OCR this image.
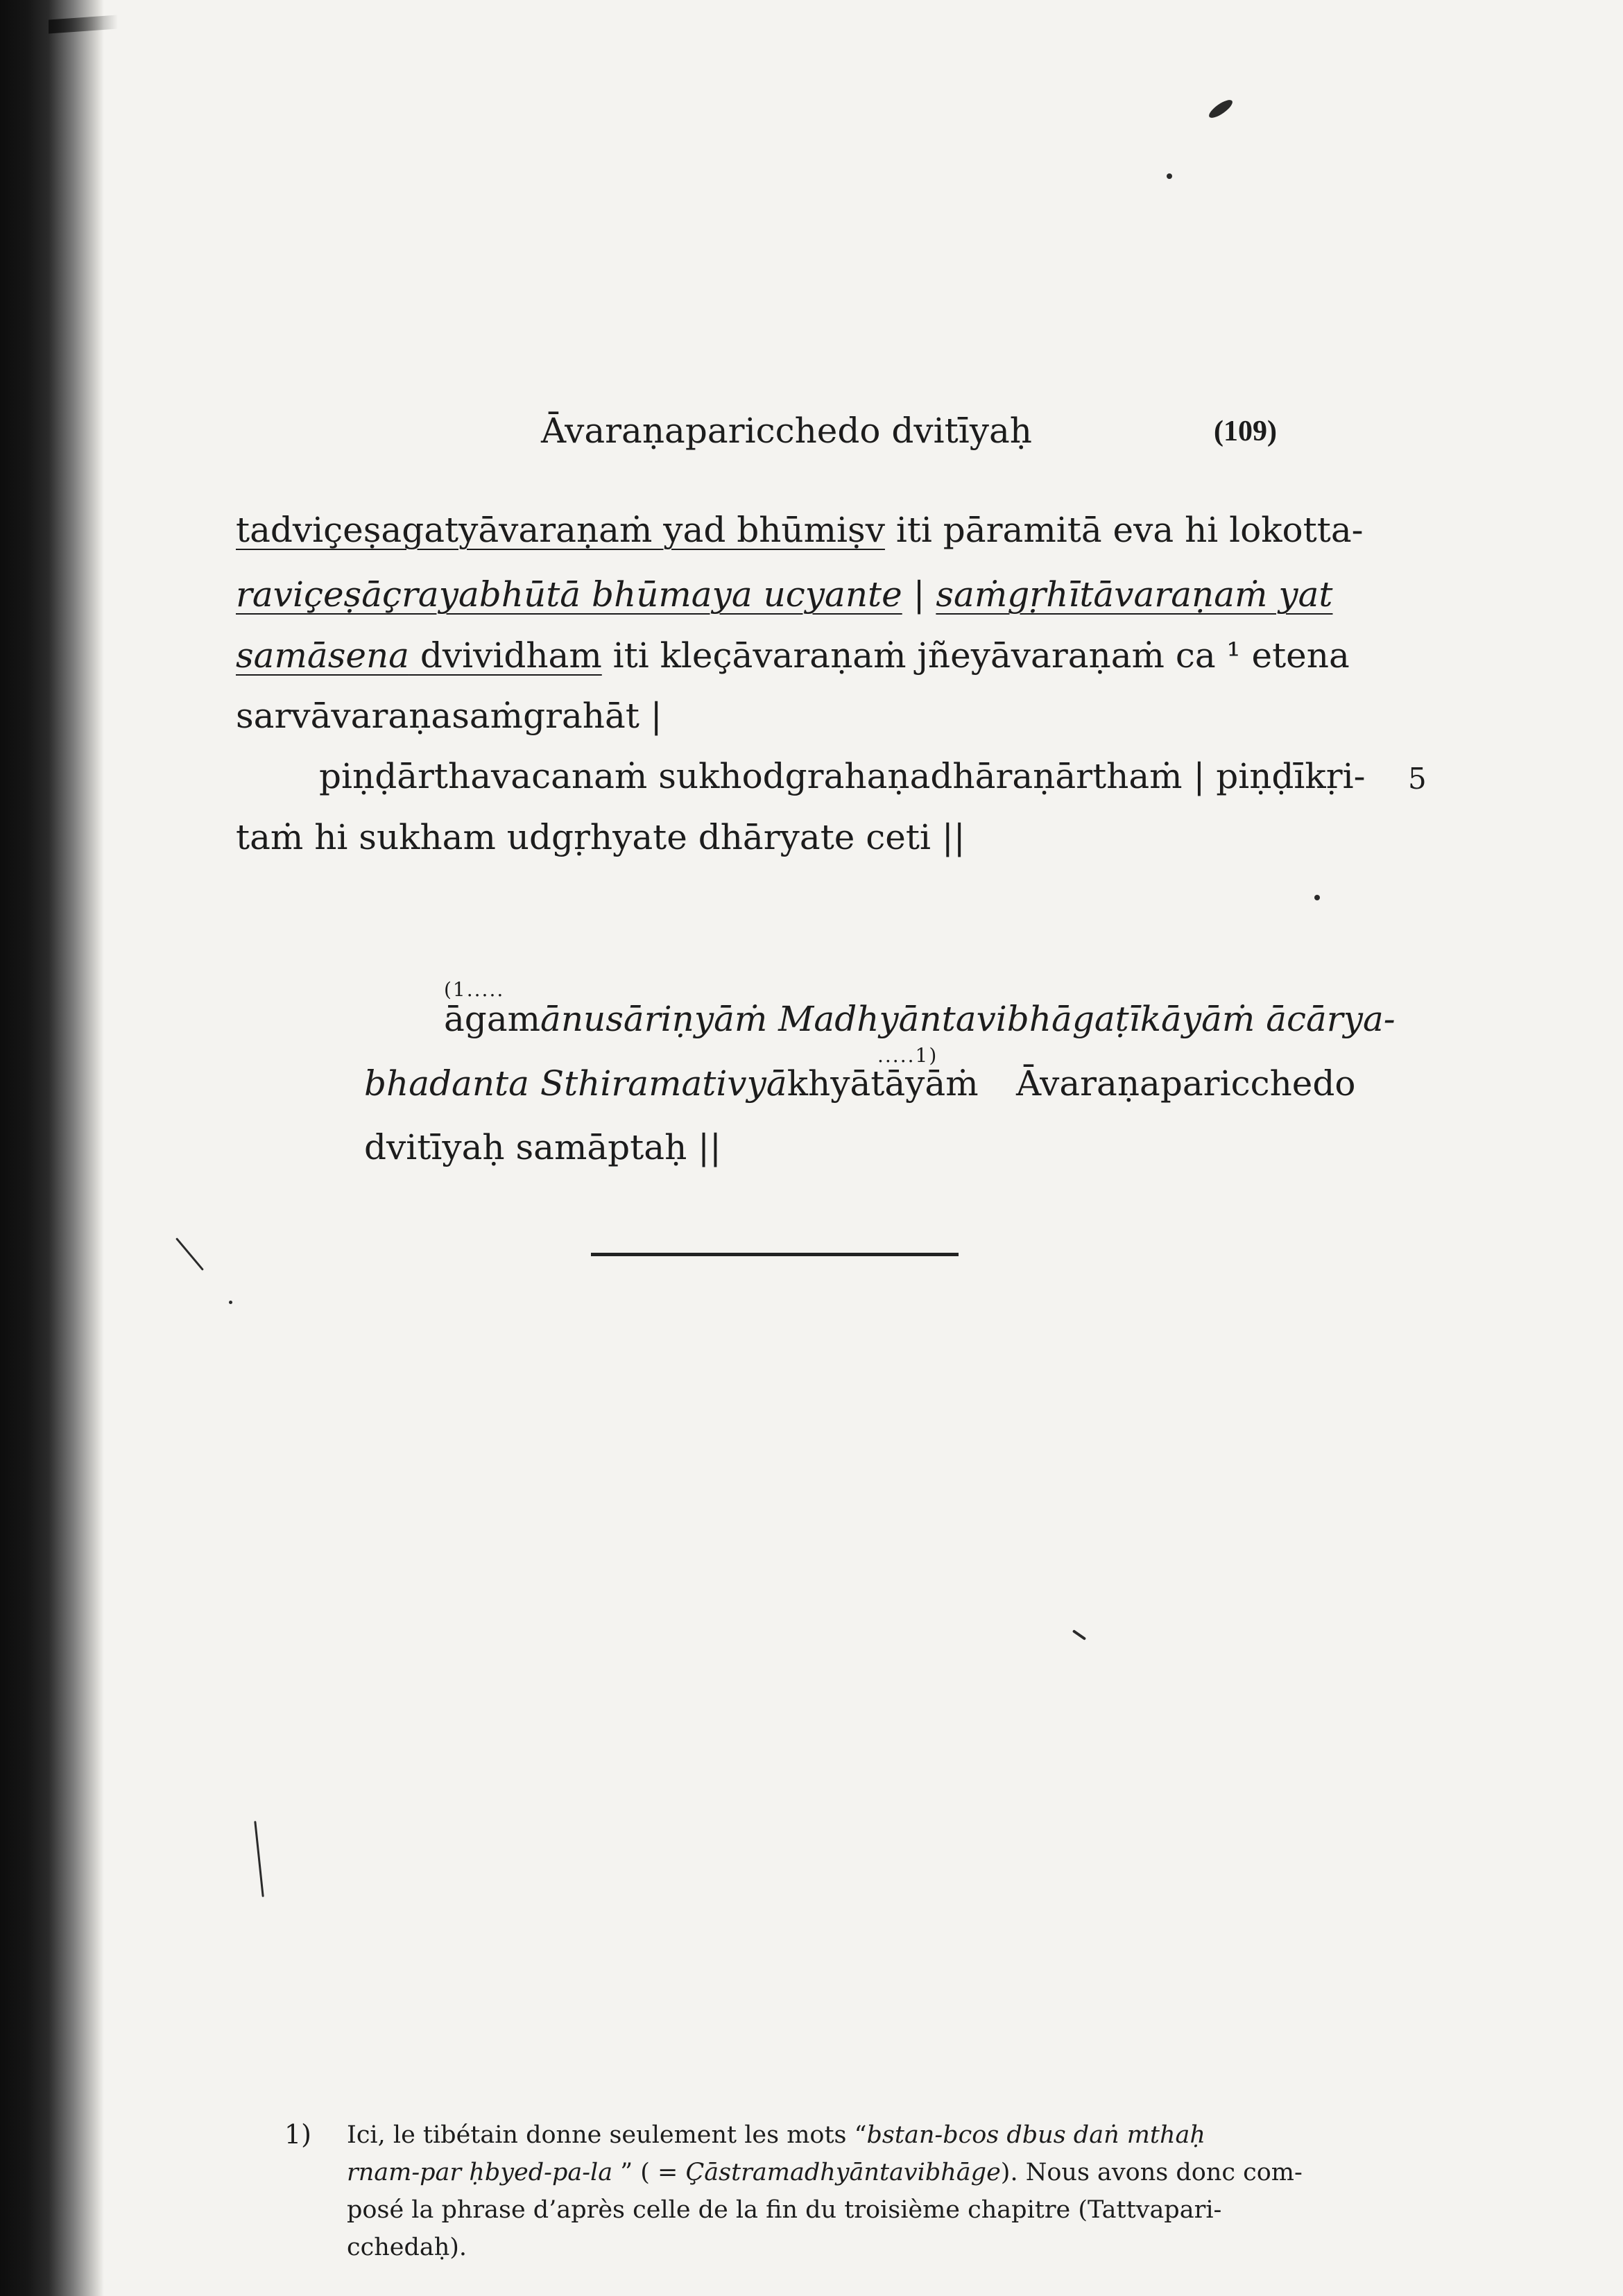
Āvaraṇaparicchedo dvitīyaḥ	(109)
tadviçeṣagatyāvaraṇaṁ yad bhūmiṣv iti pāramitā eva hi lokotta-
raviçeṣāçrayabhūtā bhūmaya ucyante | saṁgṛhītāvaraṇaṁ yat
samāsena dvividham iti kleçāvaraṇaṁ jñeyāvaraṇaṁ ca ¹ etena
sarvāvaraṇasaṁgrahāt |
piṇḍārthavacanaṁ sukhodgrahaṇadhāraṇārthaṁ | piṇḍīkṛi- 5
taṁ hi sukham udgṛhyate dhāryate ceti ||
(1.....
āgamānusāriṇyāṁ Madhyāntavibhāgaṭīkāyāṁ ācārya-
.....1)
bhadanta Sthiramativyākhyātāyāṁ Āvaraṇaparicchedo
dvitīyaḥ samāptaḥ ||
1) Ici, le tibétain donne seulement les mots “bstan-bcos dbus daṅ mthaḥ
rnam-par ḥbyed-pa-la ” ( = Çāstramadhyāntavibhāge). Nous avons donc com-
posé la phrase d’après celle de la fin du troisième chapitre (Tattvapari-
cchedaḥ).
